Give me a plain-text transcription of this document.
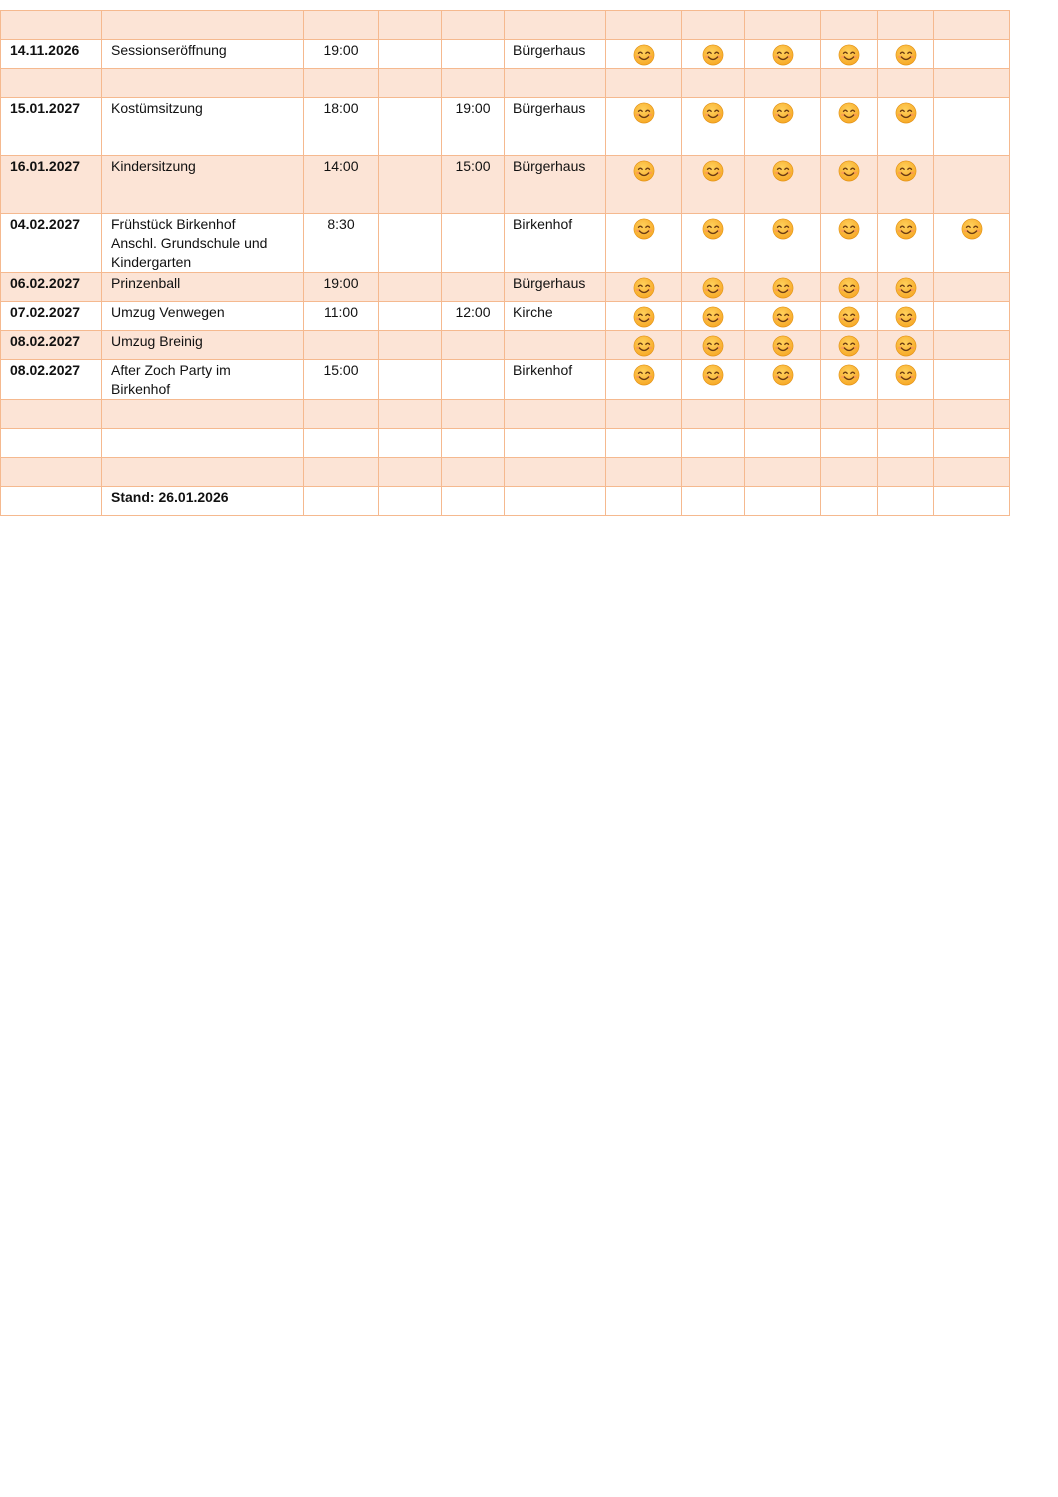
14.11.2026	Sessionseröffnung	19:00			Bürgerhaus	

15.01.2027	Kostümsitzung	18:00		19:00	Bürgerhaus	

16.01.2027	Kindersitzung	14:00		15:00	Bürgerhaus	

04.02.2027	Frühstück Birkenhof
Anschl. Grundschule und
Kindergarten	8:30			Birkenhof	

06.02.2027	Prinzenball	19:00			Bürgerhaus	

07.02.2027	Umzug Venwegen	11:00		12:00	Kirche	

08.02.2027	Umzug Breinig

08.02.2027	After Zoch Party im
Birkenhof	15:00			Birkenhof	

	Stand: 26.01.2026										
